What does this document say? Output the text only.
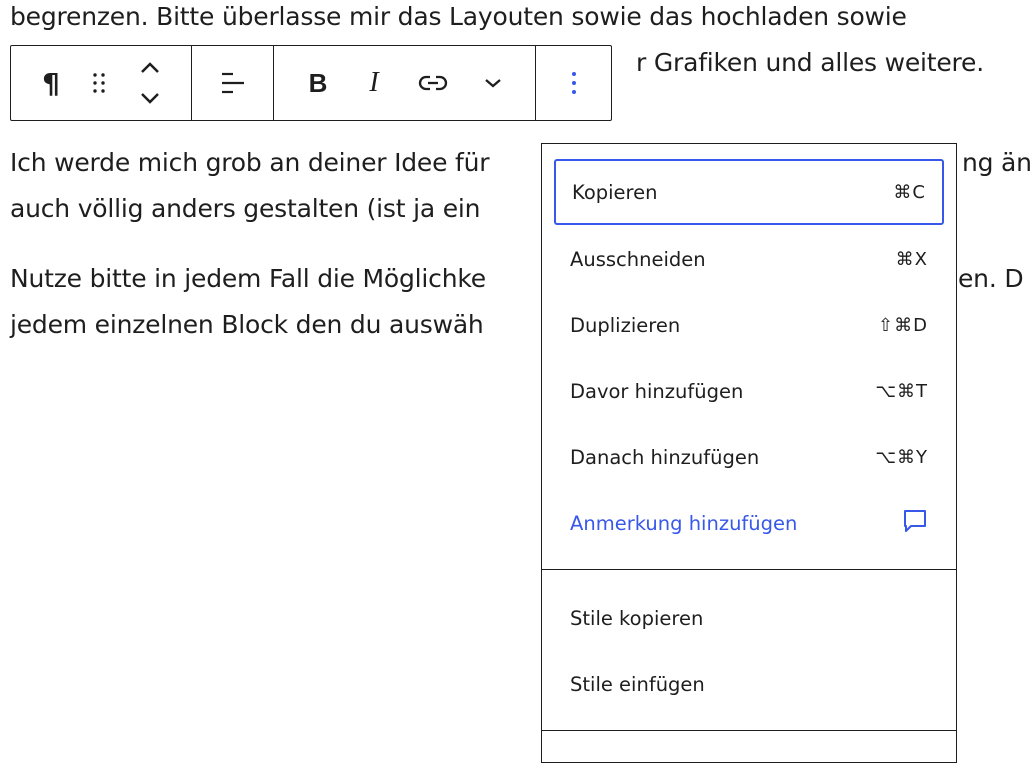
begrenzen. Bitte überlasse mir das Layouten sowie das hochladen sowie

r Grafiken und alles weitere.

Ich werde mich grob an deiner Idee für	ng än

auch völlig anders gestalten (ist ja ein
Nutze bitte in jedem Fall die Möglichke	en. D

jedem einzelnen Block den du auswäh
¶	B	I
Kopieren	⌘C
Ausschneiden	⌘X
Duplizieren	⇧⌘D
Davor hinzufügen	⌥⌘T
Danach hinzufügen	⌥⌘Y
Anmerkung hinzufügen
Stile kopieren
Stile einfügen
